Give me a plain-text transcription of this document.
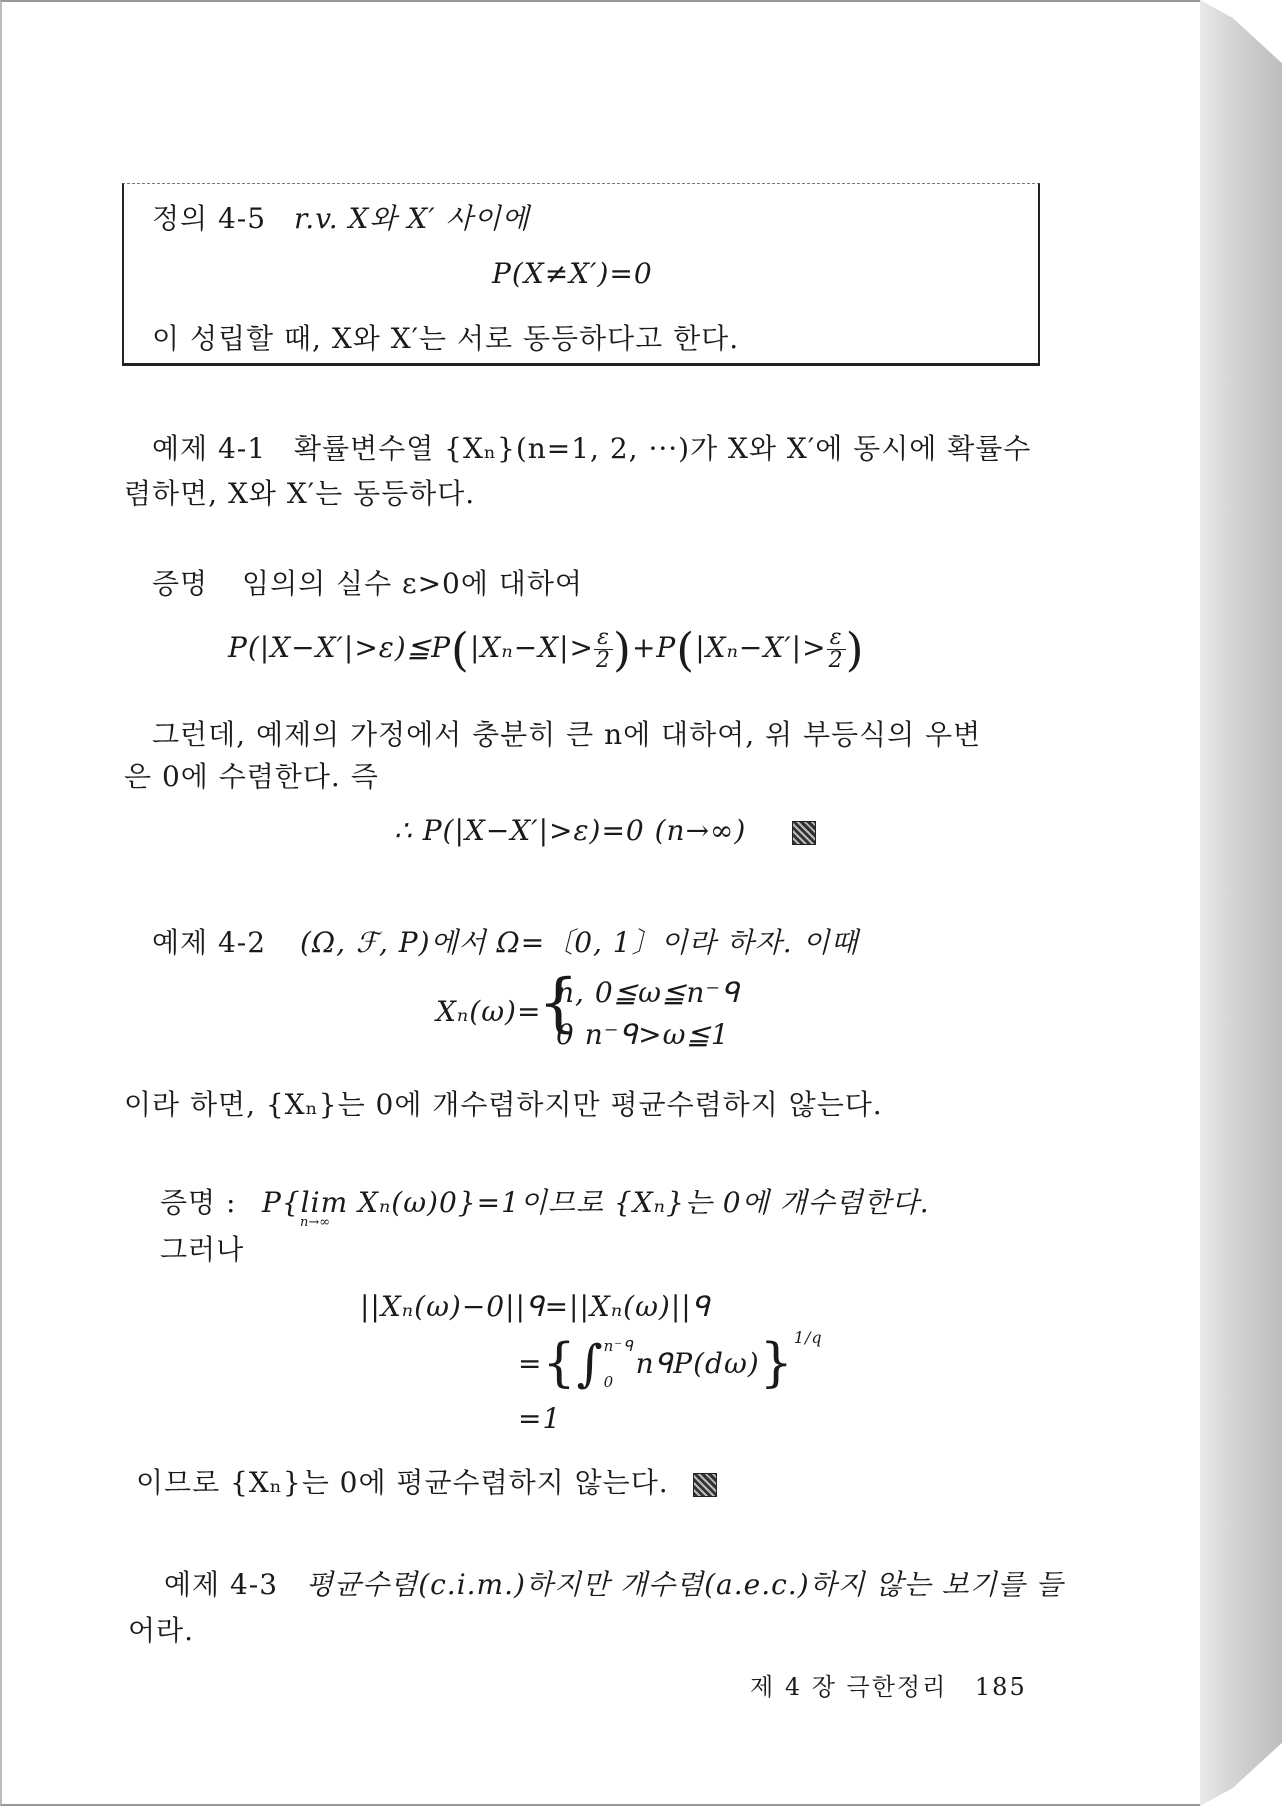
정의 4-5 r.v. X와 X′ 사이에
P(X≠X′)=0
이 성립할 때, X와 X′는 서로 동등하다고 한다.
예제 4-1 확률변수열 {Xₙ}(n=1, 2, ···)가 X와 X′에 동시에 확률수
렴하면, X와 X′는 동등하다.
증명 임의의 실수 ε>0에 대하여
P(|X−X′|>ε)≦P(|Xₙ−X|> $\frac{\varepsilon}{2} )+P(|X_n-X'|> \frac{\varepsilon}{2}$ )
그런데, 예제의 가정에서 충분히 큰 n에 대하여, 위 부등식의 우변
은 0에 수렴한다. 즉
∴ P(|X−X′|>ε)=0 (n→∞)
예제 4-2 (Ω, ℱ, P)에서 Ω=〔0, 1〕이라 하자. 이때
Xₙ(ω)=
{
n, 0≦ω≦n⁻ᑫ
0 n⁻ᑫ>ω≦1
이라 하면, {Xₙ}는 0에 개수렴하지만 평균수렴하지 않는다.
증명 : P{lim Xₙ(ω)0}=1이므로 {Xₙ}는 0에 개수렴한다.
n→∞
그러나
||Xₙ(ω)−0||ᑫ=||Xₙ(ω)||ᑫ
={∫ n⁻ᑫ
0
nᑫP(dω)}$^{1/q}$
=1
이므로 {Xₙ}는 0에 평균수렴하지 않는다.
예제 4-3 평균수렴(c.i.m.)하지만 개수렴(a.e.c.)하지 않는 보기를 들
어라.
제 4 장 극한정리 185
